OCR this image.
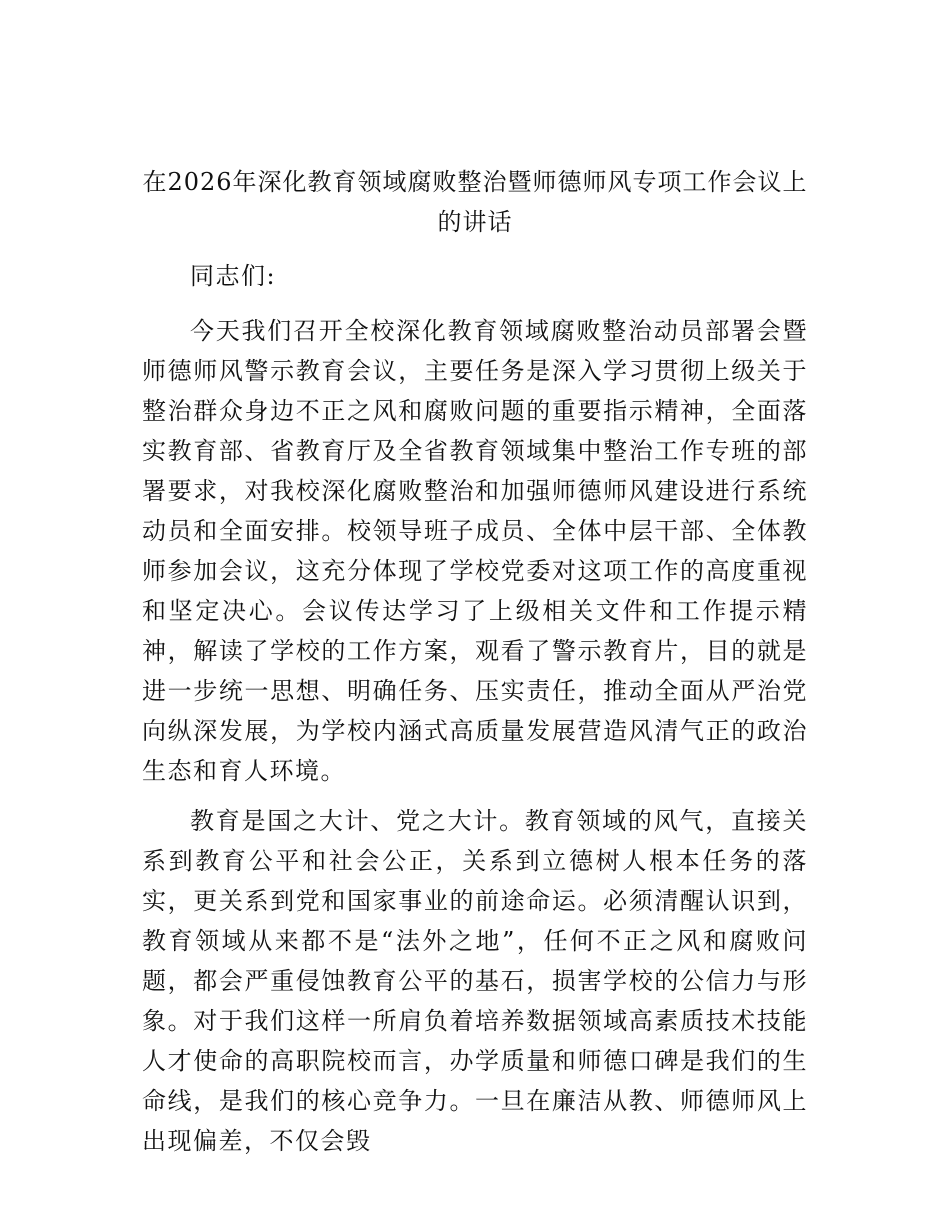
在2026年深化教育领域腐败整治暨师德师风专项工作会议上的讲话

同志们:

今天我们召开全校深化教育领域腐败整治动员部署会暨师德师风警示教育会议，主要任务是深入学习贯彻上级关于整治群众身边不正之风和腐败问题的重要指示精神，全面落实教育部、省教育厅及全省教育领域集中整治工作专班的部署要求，对我校深化腐败整治和加强师德师风建设进行系统动员和全面安排。校领导班子成员、全体中层干部、全体教师参加会议，这充分体现了学校党委对这项工作的高度重视和坚定决心。会议传达学习了上级相关文件和工作提示精神，解读了学校的工作方案，观看了警示教育片，目的就是进一步统一思想、明确任务、压实责任，推动全面从严治党向纵深发展，为学校内涵式高质量发展营造风清气正的政治生态和育人环境。

教育是国之大计、党之大计。教育领域的风气，直接关系到教育公平和社会公正，关系到立德树人根本任务的落实，更关系到党和国家事业的前途命运。必须清醒认识到，教育领域从来都不是“法外之地”，任何不正之风和腐败问题，都会严重侵蚀教育公平的基石，损害学校的公信力与形象。对于我们这样一所肩负着培养数据领域高素质技术技能人才使命的高职院校而言，办学质量和师德口碑是我们的生命线，是我们的核心竞争力。一旦在廉洁从教、师德师风上出现偏差，不仅会毁
